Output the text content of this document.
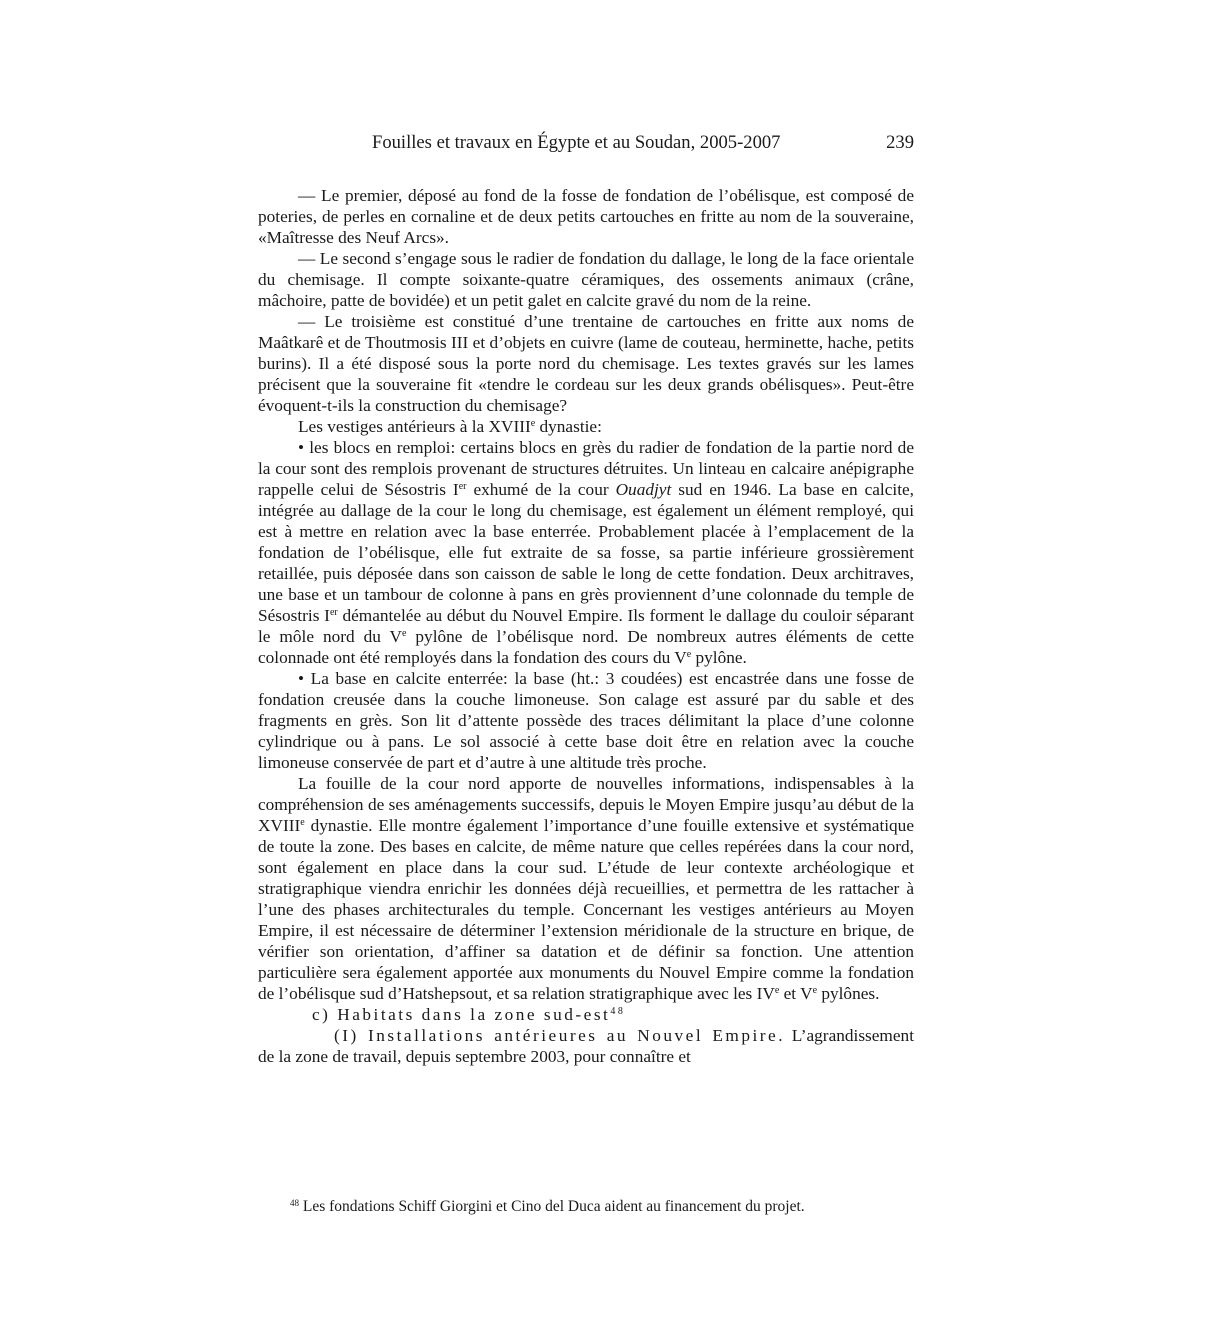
Fouilles et travaux en Égypte et au Soudan, 2005-2007	239

— Le premier, déposé au fond de la fosse de fondation de l’obélisque, est composé de poteries, de perles en cornaline et de deux petits cartouches en fritte au nom de la souveraine, «Maîtresse des Neuf Arcs».

— Le second s’engage sous le radier de fondation du dallage, le long de la face orientale du chemisage. Il compte soixante-quatre céramiques, des ossements animaux (crâne, mâchoire, patte de bovidée) et un petit galet en calcite gravé du nom de la reine.

— Le troisième est constitué d’une trentaine de cartouches en fritte aux noms de Maâtkarê et de Thoutmosis III et d’objets en cuivre (lame de couteau, herminette, hache, petits burins). Il a été disposé sous la porte nord du chemisage. Les textes gravés sur les lames précisent que la souveraine fit «tendre le cordeau sur les deux grands obélisques». Peut-être évoquent-t-ils la construction du chemisage?

Les vestiges antérieurs à la XVIIIe dynastie:

• les blocs en remploi: certains blocs en grès du radier de fondation de la partie nord de la cour sont des remplois provenant de structures détruites. Un linteau en calcaire anépigraphe rappelle celui de Sésostris Ier exhumé de la cour Ouadjyt sud en 1946. La base en calcite, intégrée au dallage de la cour le long du chemisage, est également un élément remployé, qui est à mettre en relation avec la base enterrée. Probablement placée à l’emplacement de la fondation de l’obélisque, elle fut extraite de sa fosse, sa partie inférieure grossièrement retaillée, puis déposée dans son caisson de sable le long de cette fondation. Deux architraves, une base et un tambour de colonne à pans en grès proviennent d’une colonnade du temple de Sésostris Ier démantelée au début du Nouvel Empire. Ils forment le dallage du couloir séparant le môle nord du Ve pylône de l’obélisque nord. De nombreux autres éléments de cette colonnade ont été remployés dans la fondation des cours du Ve pylône.

• La base en calcite enterrée: la base (ht.: 3 coudées) est encastrée dans une fosse de fondation creusée dans la couche limoneuse. Son calage est assuré par du sable et des fragments en grès. Son lit d’attente possède des traces délimitant la place d’une colonne cylindrique ou à pans. Le sol associé à cette base doit être en relation avec la couche limoneuse conservée de part et d’autre à une altitude très proche.

La fouille de la cour nord apporte de nouvelles informations, indispensables à la compréhension de ses aménagements successifs, depuis le Moyen Empire jusqu’au début de la XVIIIe dynastie. Elle montre également l’importance d’une fouille extensive et systématique de toute la zone. Des bases en calcite, de même nature que celles repérées dans la cour nord, sont également en place dans la cour sud. L’étude de leur contexte archéologique et stratigraphique viendra enrichir les données déjà recueillies, et permettra de les rattacher à l’une des phases architecturales du temple. Concernant les vestiges antérieurs au Moyen Empire, il est nécessaire de déterminer l’extension méridionale de la structure en brique, de vérifier son orientation, d’affiner sa datation et de définir sa fonction. Une attention particulière sera également apportée aux monuments du Nouvel Empire comme la fondation de l’obélisque sud d’Hatshepsout, et sa relation stratigraphique avec les IVe et Ve pylônes.

c) Habitats dans la zone sud-est$^{48}$

(I) Installations antérieures au Nouvel Empire. L’agrandissement de la zone de travail, depuis septembre 2003, pour connaître et

$^{48}$ Les fondations Schiff Giorgini et Cino del Duca aident au financement du projet.
